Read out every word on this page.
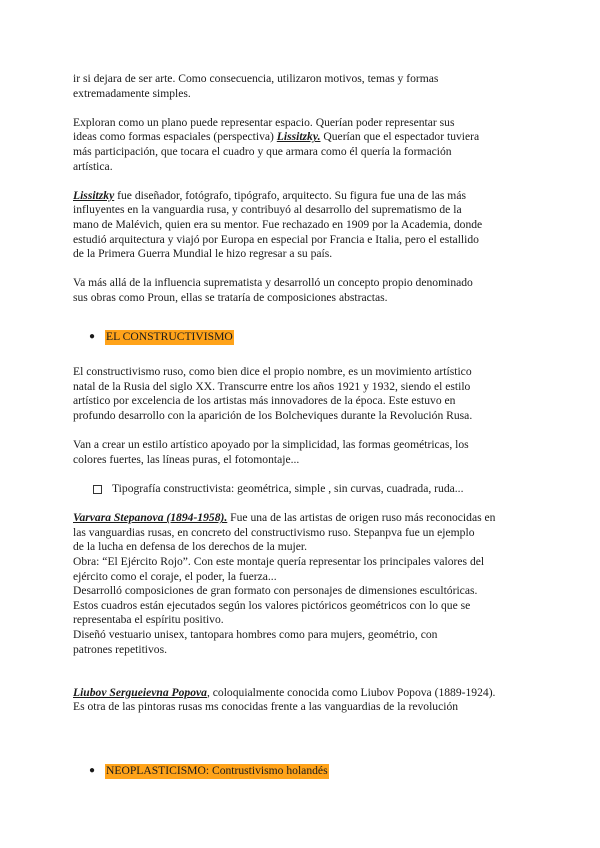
ir si dejara de ser arte. Como consecuencia, utilizaron motivos, temas y formas
extremadamente simples.

Exploran como un plano puede representar espacio. Querían poder representar sus
ideas como formas espaciales (perspectiva) Lissitzky. Querían que el espectador tuviera
más participación, que tocara el cuadro y que armara como él quería la formación
artística.

Lissitzky fue diseñador, fotógrafo, tipógrafo, arquitecto. Su figura fue una de las más
influyentes en la vanguardia rusa, y contribuyó al desarrollo del suprematismo de la
mano de Malévich, quien era su mentor. Fue rechazado en 1909 por la Academia, donde
estudió arquitectura y viajó por Europa en especial por Francia e Italia, pero el estallido
de la Primera Guerra Mundial le hizo regresar a su país.

Va más allá de la influencia suprematista y desarrolló un concepto propio denominado
sus obras como Proun, ellas se trataría de composiciones abstractas.

● EL CONSTRUCTIVISMO

El constructivismo ruso, como bien dice el propio nombre, es un movimiento artístico
natal de la Rusia del siglo XX. Transcurre entre los años 1921 y 1932, siendo el estilo
artístico por excelencia de los artistas más innovadores de la época. Este estuvo en
profundo desarrollo con la aparición de los Bolcheviques durante la Revolución Rusa.

Van a crear un estilo artístico apoyado por la simplicidad, las formas geométricas, los
colores fuertes, las líneas puras, el fotomontaje...

Tipografía constructivista: geométrica, simple , sin curvas, cuadrada, ruda...

Varvara Stepanova (1894-1958). Fue una de las artistas de origen ruso más reconocidas en
las vanguardias rusas, en concreto del constructivismo ruso. Stepanpva fue un ejemplo
de la lucha en defensa de los derechos de la mujer.
Obra: “El Ejército Rojo”. Con este montaje quería representar los principales valores del
ejército como el coraje, el poder, la fuerza...
Desarrolló composiciones de gran formato con personajes de dimensiones escultóricas.
Estos cuadros están ejecutados según los valores pictóricos geométricos con lo que se
representaba el espíritu positivo.
Diseñó vestuario unisex, tantopara hombres como para mujers, geométrio, con
patrones repetitivos.

Liubov Sergueievna Popova, coloquialmente conocida como Liubov Popova (1889-1924).
Es otra de las pintoras rusas ms conocidas frente a las vanguardias de la revolución

● NEOPLASTICISMO: Contrustivismo holandés
